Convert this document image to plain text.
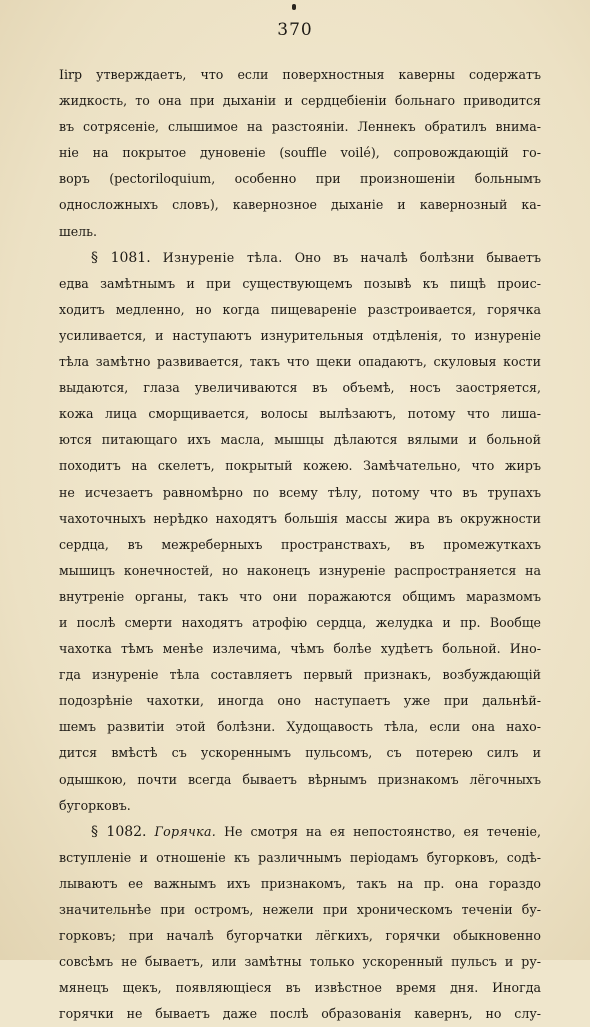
370
Iirр утверждаетъ, что если поверхностныя каверны содержатъ
жидкость, то она при дыханіи и сердцебіеніи больнаго приводится
въ сотрясеніе, слышимое на разстояніи. Леннекъ обратилъ внима-
ніе на покрытое дуновеніе (souffle voilé), сопровождающій го-
воръ (pectoriloquium, особенно при произношеніи больнымъ
односложныхъ словъ), кавернозное дыханіе и кавернозный ка-
шель.
§ 1081. Изнуреніе тѣла. Оно въ началѣ болѣзни бываетъ
едва замѣтнымъ и при существующемъ позывѣ къ пищѣ проис-
ходитъ медленно, но когда пищевареніе разстроивается, горячка
усиливается, и наступаютъ изнурительныя отдѣленія, то изнуреніе
тѣла замѣтно развивается, такъ что щеки опадаютъ, скуловыя кости
выдаются, глаза увеличиваются въ объемѣ, носъ заостряется,
кожа лица сморщивается, волосы вылѣзаютъ, потому что лиша-
ются питающаго ихъ масла, мышцы дѣлаются вялыми и больной
походитъ на скелетъ, покрытый кожею. Замѣчательно, что жиръ
не исчезаетъ равномѣрно по всему тѣлу, потому что въ трупахъ
чахоточныхъ нерѣдко находятъ большія массы жира въ окружности
сердца, въ межреберныхъ пространствахъ, въ промежуткахъ
мышицъ конечностей, но наконецъ изнуреніе распространяется на
внутреніе органы, такъ что они поражаются общимъ маразмомъ
и послѣ смерти находятъ атрофію сердца, желудка и пр. Вообще
чахотка тѣмъ менѣе излечима, чѣмъ болѣе худѣетъ больной. Ино-
гда изнуреніе тѣла составляетъ первый признакъ, возбуждающій
подозрѣніе чахотки, иногда оно наступаетъ уже при дальнѣй-
шемъ развитіи этой болѣзни. Худощавость тѣла, если она нахо-
дится вмѣстѣ съ ускореннымъ пульсомъ, съ потерею силъ и
одышкою, почти всегда бываетъ вѣрнымъ признакомъ лёгочныхъ
бугорковъ.
§ 1082. Горячка. Не смотря на ея непостоянство, ея теченіе,
вступленіе и отношеніе къ различнымъ періодамъ бугорковъ, содѣ-
лываютъ ее важнымъ ихъ признакомъ, такъ на пр. она гораздо
значительнѣе при остромъ, нежели при хроническомъ теченіи бу-
горковъ; при началѣ бугорчатки лёгкихъ, горячки обыкновенно
совсѣмъ не бываетъ, или замѣтны только ускоренный пульсъ и ру-
мянецъ щекъ, появляющіеся въ извѣстное время дня. Иногда
горячки не бываетъ даже послѣ образованія кавернъ, но слу-
